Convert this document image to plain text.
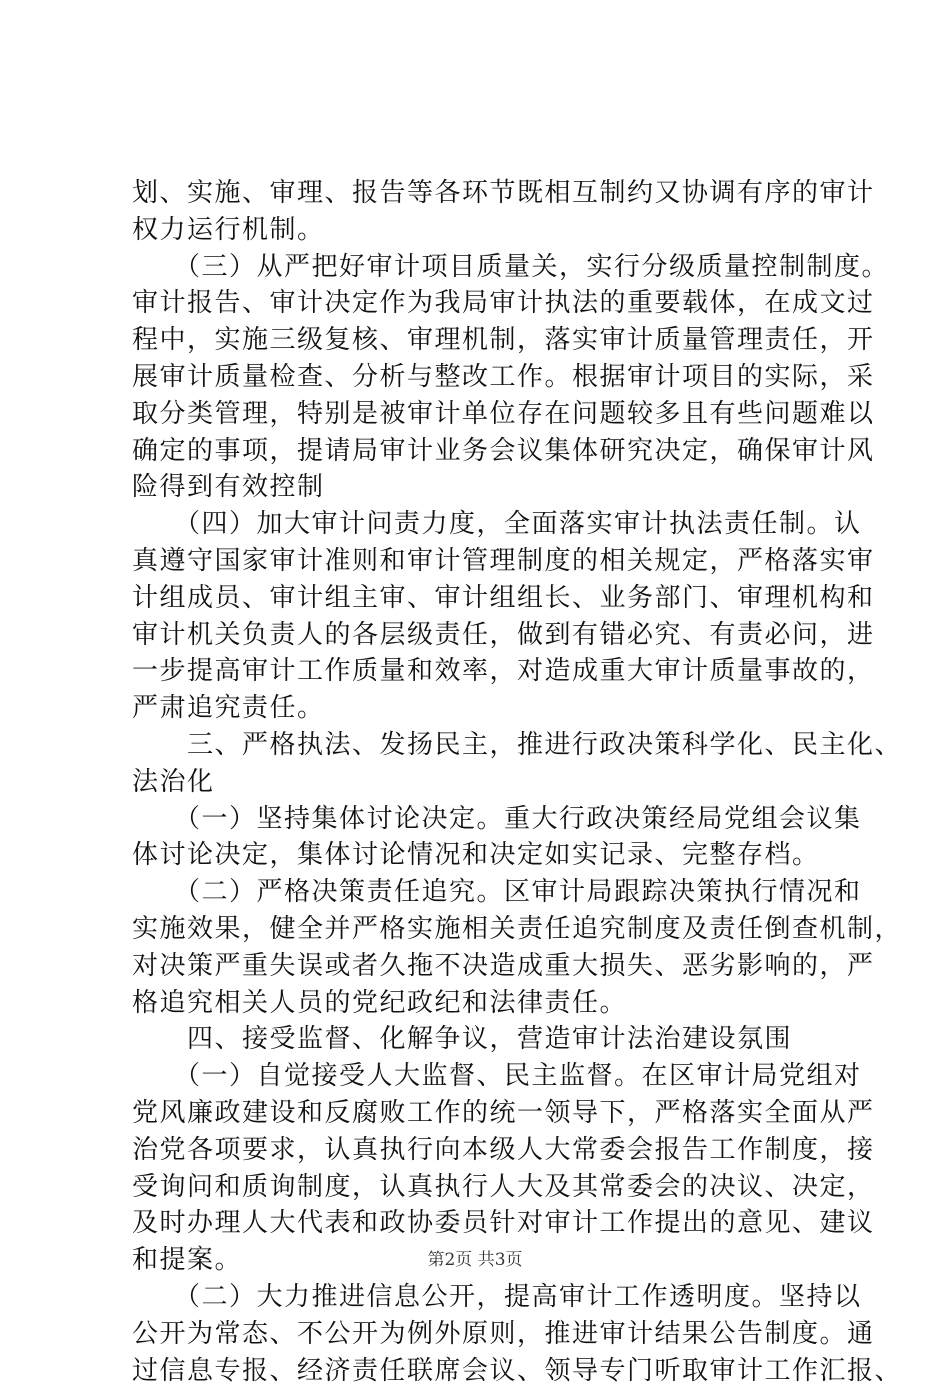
划、实施、审理、报告等各环节既相互制约又协调有序的审计
权力运行机制。
　　（三）从严把好审计项目质量关，实行分级质量控制制度。
审计报告、审计决定作为我局审计执法的重要载体，在成文过
程中，实施三级复核、审理机制，落实审计质量管理责任，开
展审计质量检查、分析与整改工作。根据审计项目的实际，采
取分类管理，特别是被审计单位存在问题较多且有些问题难以
确定的事项，提请局审计业务会议集体研究决定，确保审计风
险得到有效控制
　　（四）加大审计问责力度，全面落实审计执法责任制。认
真遵守国家审计准则和审计管理制度的相关规定，严格落实审
计组成员、审计组主审、审计组组长、业务部门、审理机构和
审计机关负责人的各层级责任，做到有错必究、有责必问，进
一步提高审计工作质量和效率，对造成重大审计质量事故的，
严肃追究责任。
　　三、严格执法、发扬民主，推进行政决策科学化、民主化、
法治化
　　（一）坚持集体讨论决定。重大行政决策经局党组会议集
体讨论决定，集体讨论情况和决定如实记录、完整存档。
　　（二）严格决策责任追究。区审计局跟踪决策执行情况和
实施效果，健全并严格实施相关责任追究制度及责任倒查机制，
对决策严重失误或者久拖不决造成重大损失、恶劣影响的，严
格追究相关人员的党纪政纪和法律责任。
　　四、接受监督、化解争议，营造审计法治建设氛围
　　（一）自觉接受人大监督、民主监督。在区审计局党组对
党风廉政建设和反腐败工作的统一领导下，严格落实全面从严
治党各项要求，认真执行向本级人大常委会报告工作制度，接
受询问和质询制度，认真执行人大及其常委会的决议、决定，
及时办理人大代表和政协委员针对审计工作提出的意见、建议
和提案。
　　（二）大力推进信息公开，提高审计工作透明度。坚持以
公开为常态、不公开为例外原则，推进审计结果公告制度。通
过信息专报、经济责任联席会议、领导专门听取审计工作汇报、
第2页 共3页
